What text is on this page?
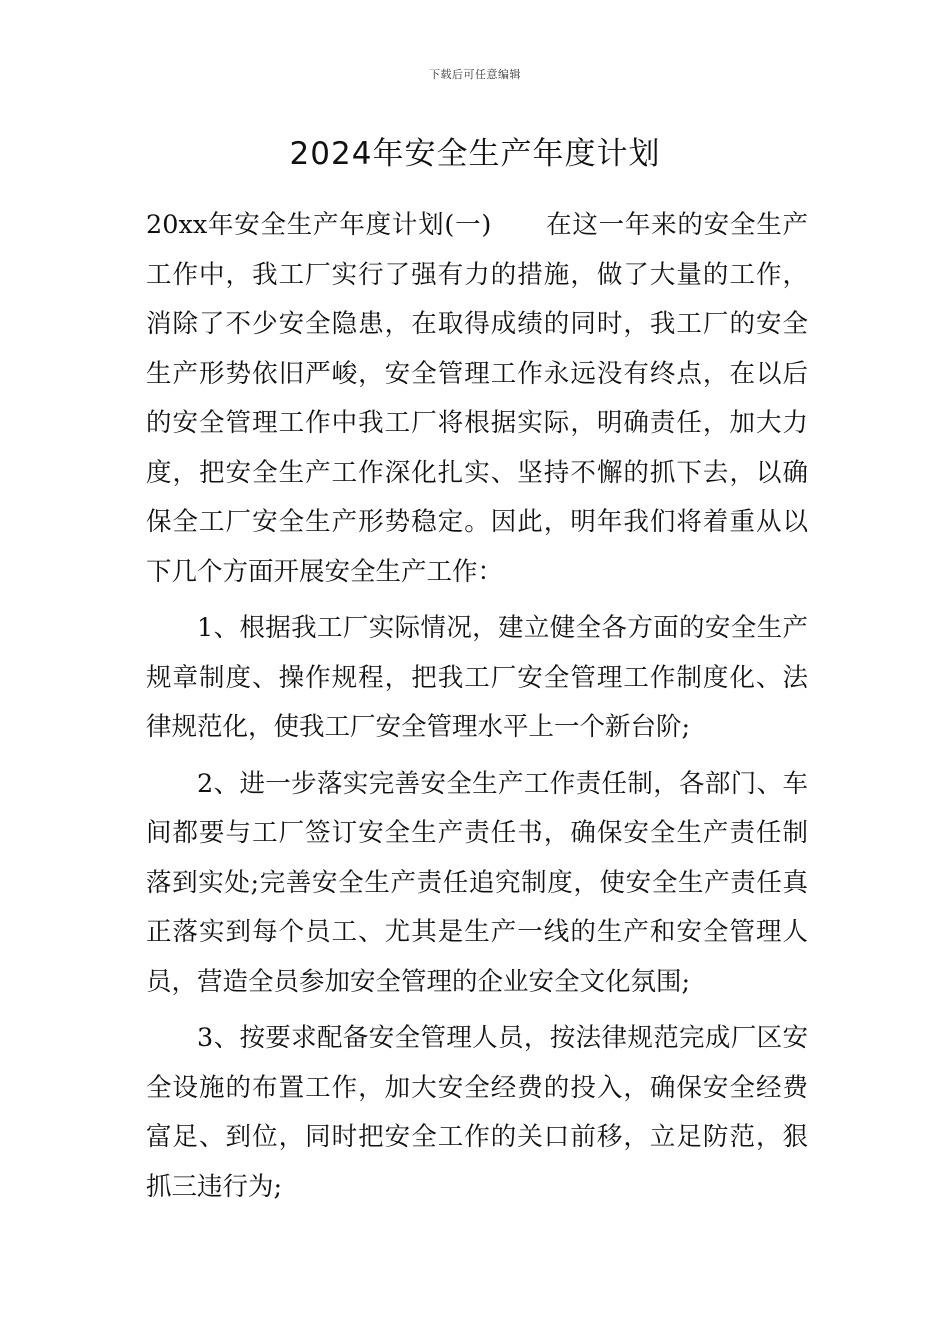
下载后可任意编辑
2024年安全生产年度计划

20xx年安全生产年度计划(一) 在这一年来的安全生产工作中，我工厂实行了强有力的措施，做了大量的工作，消除了不少安全隐患，在取得成绩的同时，我工厂的安全生产形势依旧严峻，安全管理工作永远没有终点，在以后的安全管理工作中我工厂将根据实际，明确责任，加大力度，把安全生产工作深化扎实、坚持不懈的抓下去，以确保全工厂安全生产形势稳定。因此，明年我们将着重从以下几个方面开展安全生产工作：

1、根据我工厂实际情况，建立健全各方面的安全生产规章制度、操作规程，把我工厂安全管理工作制度化、法律规范化，使我工厂安全管理水平上一个新台阶;

2、进一步落实完善安全生产工作责任制，各部门、车间都要与工厂签订安全生产责任书，确保安全生产责任制落到实处;完善安全生产责任追究制度，使安全生产责任真正落实到每个员工、尤其是生产一线的生产和安全管理人员，营造全员参加安全管理的企业安全文化氛围;

3、按要求配备安全管理人员，按法律规范完成厂区安全设施的布置工作，加大安全经费的投入，确保安全经费富足、到位，同时把安全工作的关口前移，立足防范，狠抓三违行为;
